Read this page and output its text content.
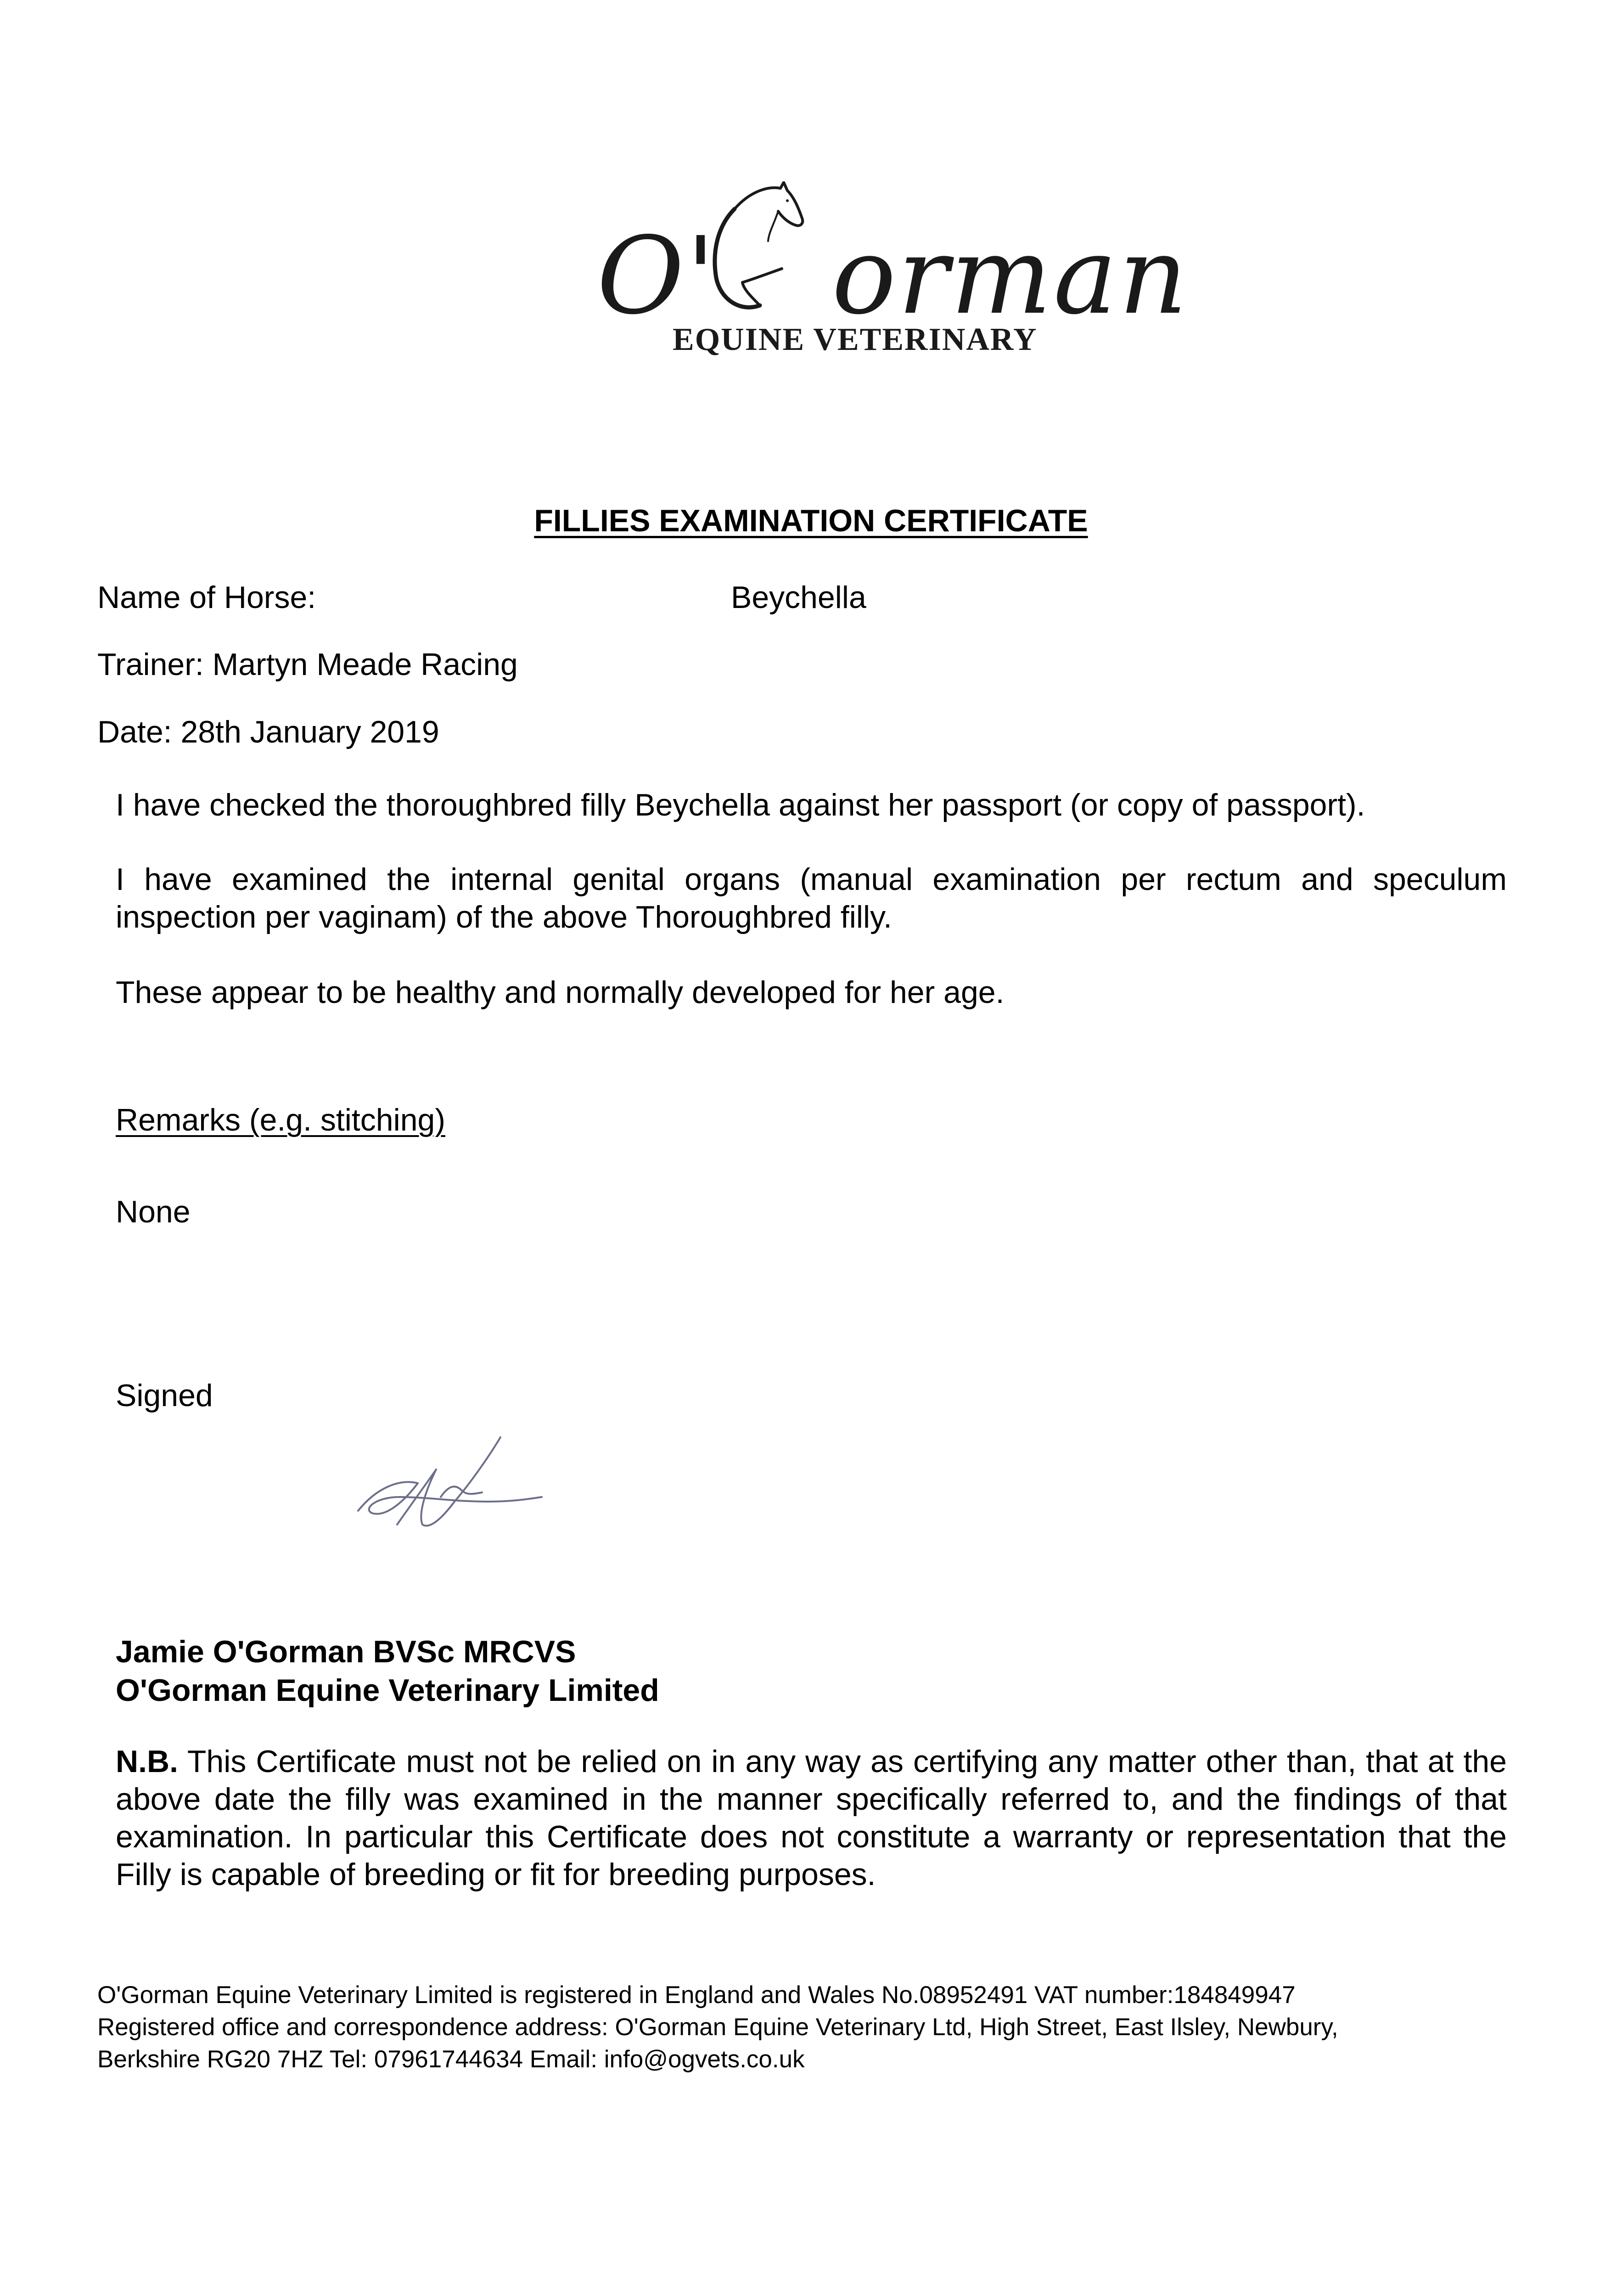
O' orman
EQUINE VETERINARY
FILLIES EXAMINATION CERTIFICATE
Name of Horse:	Beychella
Trainer: Martyn Meade Racing
Date: 28th January 2019
I have checked the thoroughbred filly Beychella against her passport (or copy of passport).
I have examined the internal genital organs (manual examination per rectum and speculum inspection per vaginam) of the above Thoroughbred filly.
These appear to be healthy and normally developed for her age.
Remarks (e.g. stitching)
None
Signed
Jamie O'Gorman BVSc MRCVS
O'Gorman Equine Veterinary Limited
N.B. This Certificate must not be relied on in any way as certifying any matter other than, that at the above date the filly was examined in the manner specifically referred to, and the findings of that examination. In particular this Certificate does not constitute a warranty or representation that the Filly is capable of breeding or fit for breeding purposes.
O'Gorman Equine Veterinary Limited is registered in England and Wales No.08952491 VAT number:184849947
Registered office and correspondence address: O'Gorman Equine Veterinary Ltd, High Street, East Ilsley, Newbury,
Berkshire RG20 7HZ Tel: 07961744634 Email: info@ogvets.co.uk
